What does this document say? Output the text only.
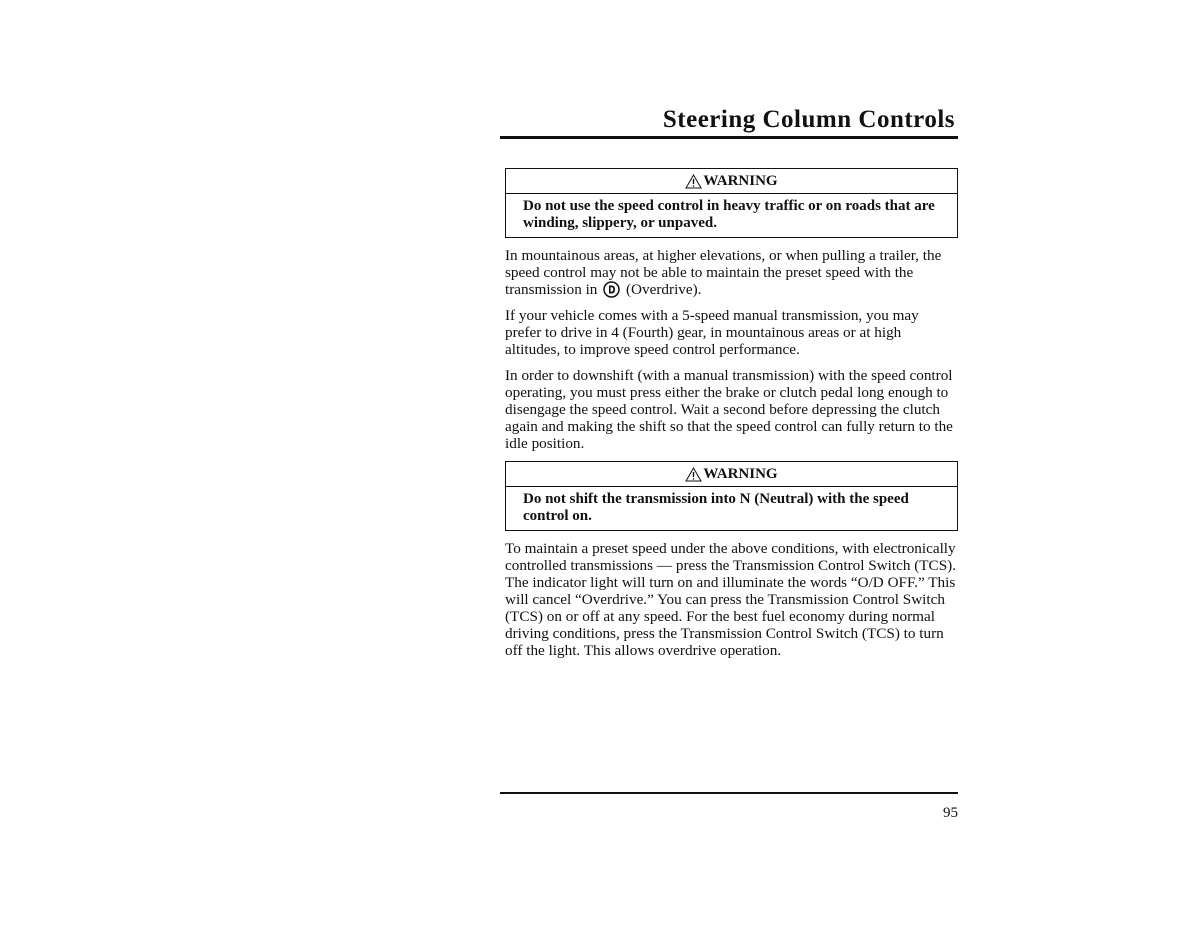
Steering Column Controls
WARNING
Do not use the speed control in heavy traffic or on roads that are winding, slippery, or unpaved.

In mountainous areas, at higher elevations, or when pulling a trailer, the speed control may not be able to maintain the preset speed with the transmission in (Overdrive).

If your vehicle comes with a 5-speed manual transmission, you may prefer to drive in 4 (Fourth) gear, in mountainous areas or at high altitudes, to improve speed control performance.

In order to downshift (with a manual transmission) with the speed control operating, you must press either the brake or clutch pedal long enough to disengage the speed control. Wait a second before depressing the clutch again and making the shift so that the speed control can fully return to the idle position.

WARNING
Do not shift the transmission into N (Neutral) with the speed control on.

To maintain a preset speed under the above conditions, with electronically controlled transmissions — press the Transmission Control Switch (TCS). The indicator light will turn on and illuminate the words “O/D OFF.” This will cancel “Overdrive.” You can press the Transmission Control Switch (TCS) on or off at any speed. For the best fuel economy during normal driving conditions, press the Transmission Control Switch (TCS) to turn off the light. This allows overdrive operation.

95
